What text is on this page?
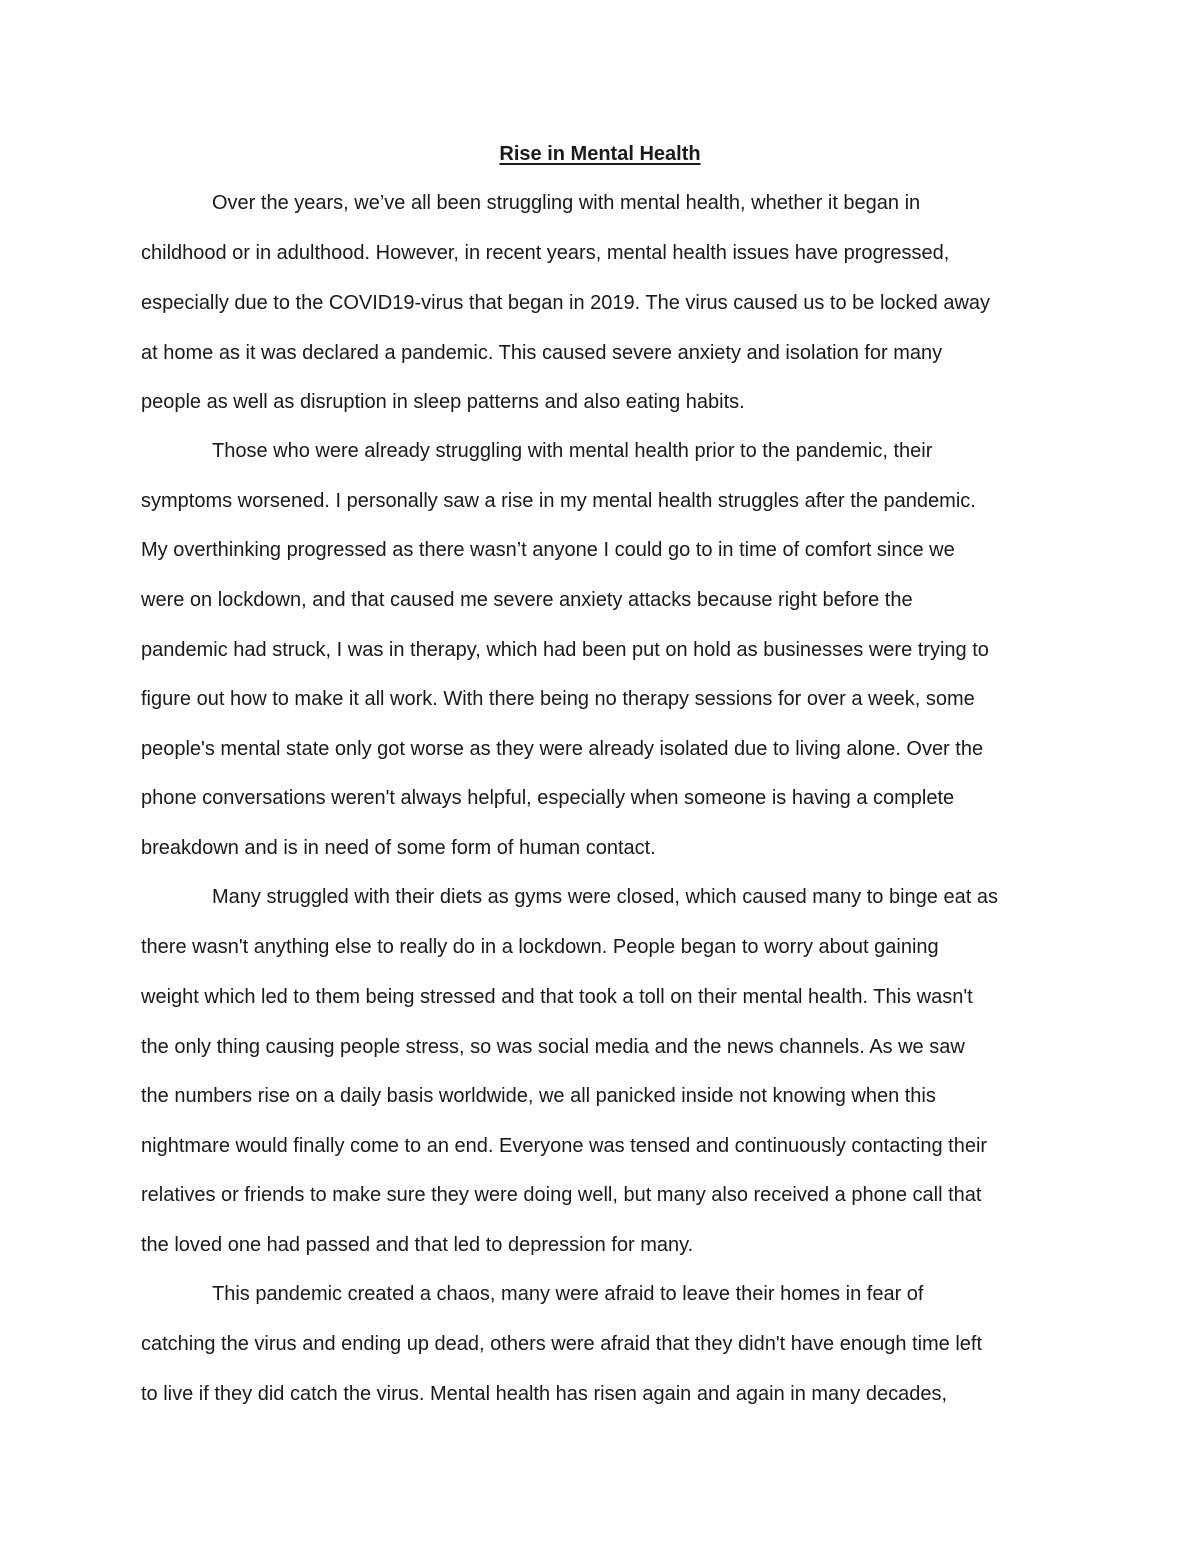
Rise in Mental Health
Over the years, we’ve all been struggling with mental health, whether it began in
childhood or in adulthood. However, in recent years, mental health issues have progressed,
especially due to the COVID19-virus that began in 2019. The virus caused us to be locked away
at home as it was declared a pandemic. This caused severe anxiety and isolation for many
people as well as disruption in sleep patterns and also eating habits.
Those who were already struggling with mental health prior to the pandemic, their
symptoms worsened. I personally saw a rise in my mental health struggles after the pandemic.
My overthinking progressed as there wasn’t anyone I could go to in time of comfort since we
were on lockdown, and that caused me severe anxiety attacks because right before the
pandemic had struck, I was in therapy, which had been put on hold as businesses were trying to
figure out how to make it all work. With there being no therapy sessions for over a week, some
people's mental state only got worse as they were already isolated due to living alone. Over the
phone conversations weren't always helpful, especially when someone is having a complete
breakdown and is in need of some form of human contact.
Many struggled with their diets as gyms were closed, which caused many to binge eat as
there wasn't anything else to really do in a lockdown. People began to worry about gaining
weight which led to them being stressed and that took a toll on their mental health. This wasn't
the only thing causing people stress, so was social media and the news channels. As we saw
the numbers rise on a daily basis worldwide, we all panicked inside not knowing when this
nightmare would finally come to an end. Everyone was tensed and continuously contacting their
relatives or friends to make sure they were doing well, but many also received a phone call that
the loved one had passed and that led to depression for many.
This pandemic created a chaos, many were afraid to leave their homes in fear of
catching the virus and ending up dead, others were afraid that they didn't have enough time left
to live if they did catch the virus. Mental health has risen again and again in many decades,
